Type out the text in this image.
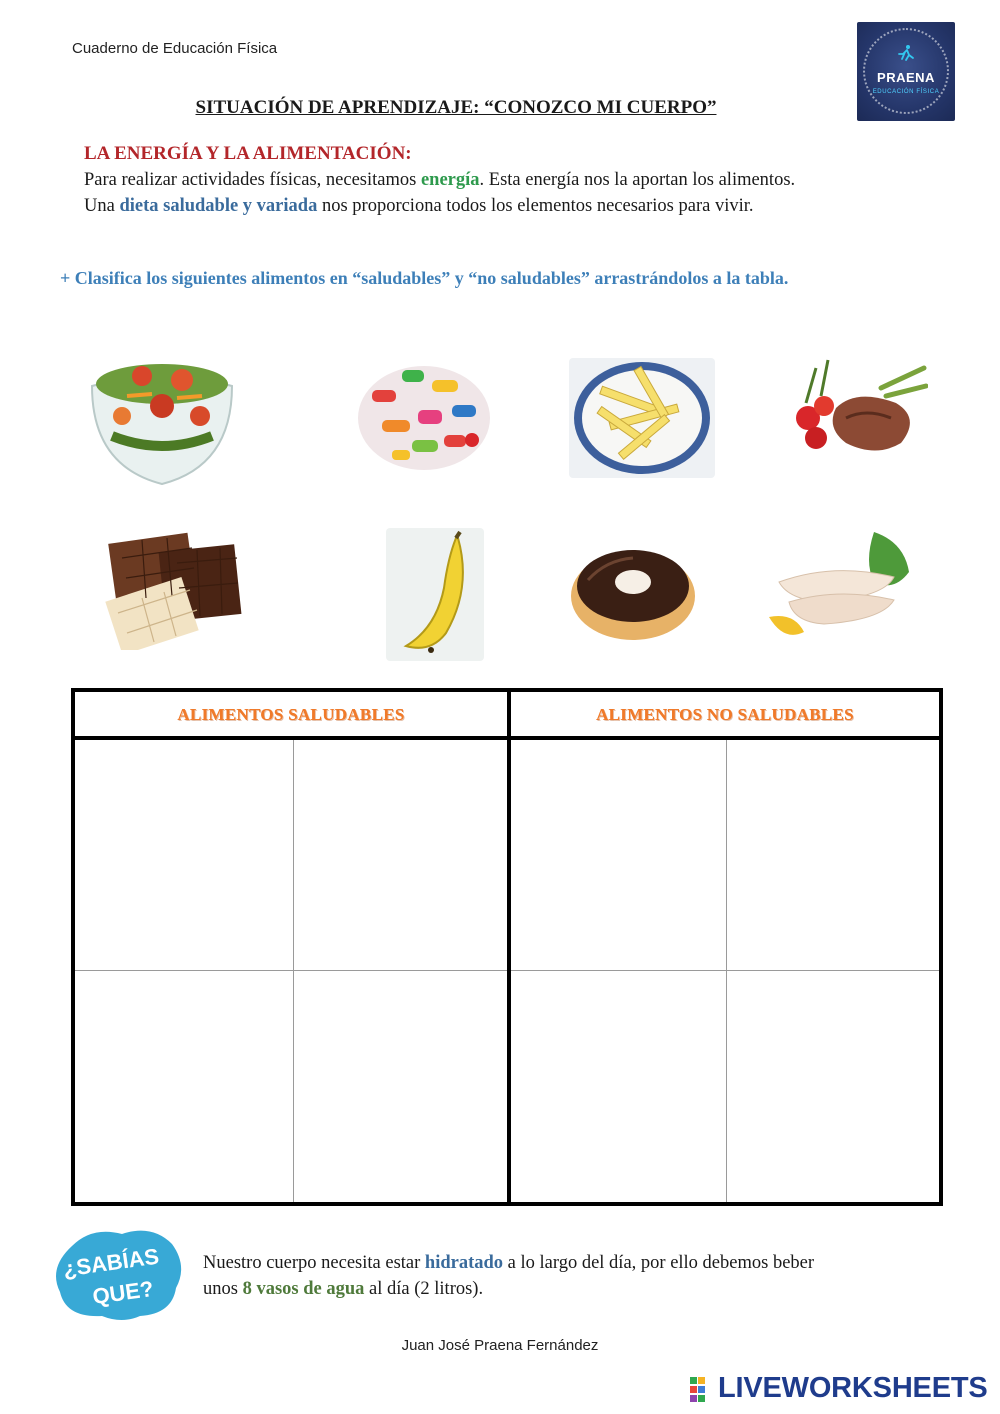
Cuaderno de Educación Física
PRAENA
EDUCACIÓN FÍSICA
SITUACIÓN DE APRENDIZAJE: “CONOZCO MI CUERPO”
LA ENERGÍA Y LA ALIMENTACIÓN:
Para realizar actividades físicas, necesitamos energía. Esta energía nos la aportan los alimentos.
Una dieta saludable y variada nos proporciona todos los elementos necesarios para vivir.
+ Clasifica los siguientes alimentos en “saludables” y “no saludables” arrastrándolos a la tabla.
ALIMENTOS SALUDABLES	ALIMENTOS NO SALUDABLES
¿SABÍAS
QUE?
Nuestro cuerpo necesita estar hidratado a lo largo del día, por ello debemos beber
unos 8 vasos de agua al día (2 litros).
Juan José Praena Fernández
LIVEWORKSHEETS
